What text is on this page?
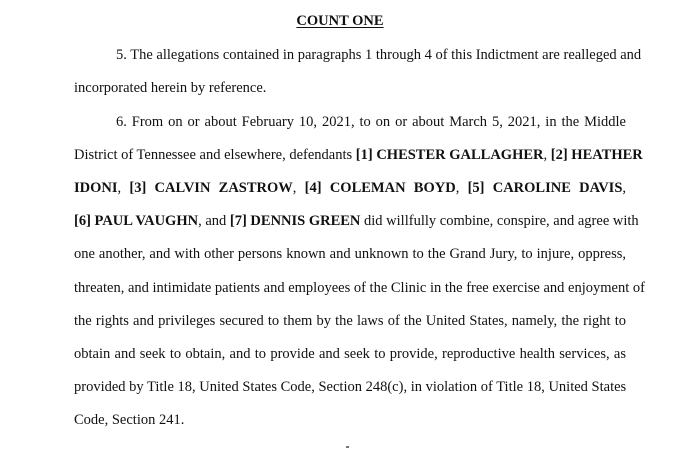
COUNT ONE
5. The allegations contained in paragraphs 1 through 4 of this Indictment are realleged and
incorporated herein by reference.
6. From on or about February 10, 2021, to on or about March 5, 2021, in the Middle
District of Tennessee and elsewhere, defendants [1] CHESTER GALLAGHER, [2] HEATHER
IDONI, [3] CALVIN ZASTROW, [4] COLEMAN BOYD, [5] CAROLINE DAVIS,
[6] PAUL VAUGHN, and [7] DENNIS GREEN did willfully combine, conspire, and agree with
one another, and with other persons known and unknown to the Grand Jury, to injure, oppress,
threaten, and intimidate patients and employees of the Clinic in the free exercise and enjoyment of
the rights and privileges secured to them by the laws of the United States, namely, the right to
obtain and seek to obtain, and to provide and seek to provide, reproductive health services, as
provided by Title 18, United States Code, Section 248(c), in violation of Title 18, United States
Code, Section 241.
